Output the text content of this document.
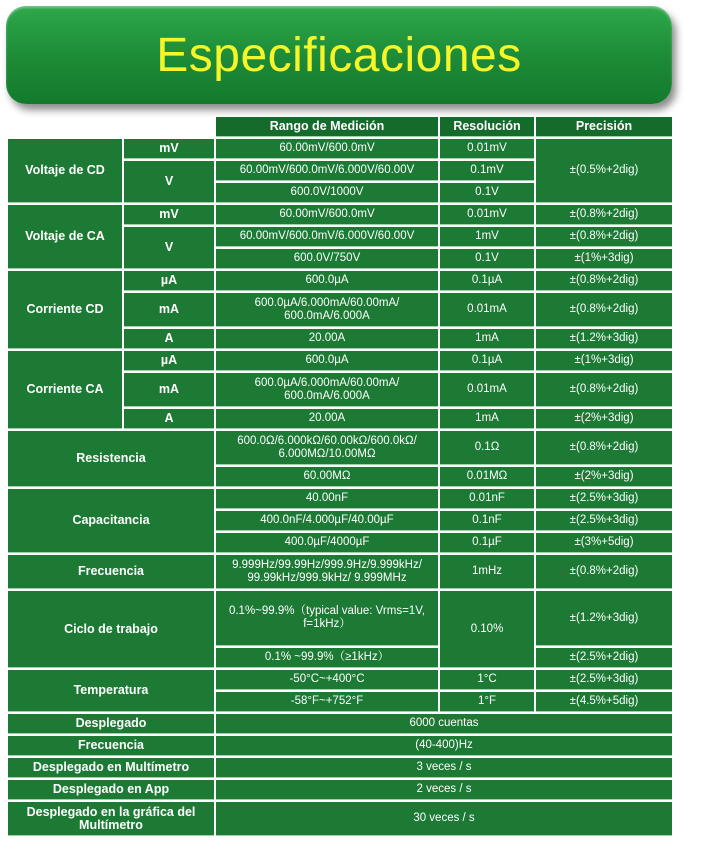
Especificaciones
		Rango de Medición	Resolución	Precisión
Voltaje de CD	mV	60.00mV/600.0mV	0.01mV	±(0.5%+2dig)
	V	60.00mV/600.0mV/6.000V/60.00V	0.1mV	
		600.0V/1000V	0.1V	
Voltaje de CA	mV	60.00mV/600.0mV	0.01mV	±(0.8%+2dig)
	V	60.00mV/600.0mV/6.000V/60.00V	1mV	±(0.8%+2dig)
		600.0V/750V	0.1V	±(1%+3dig)
Corriente CD	µA	600.0µA	0.1µA	±(0.8%+2dig)
	mA	600.0µA/6.000mA/60.00mA/
600.0mA/6.000A	0.01mA	±(0.8%+2dig)
	A	20.00A	1mA	±(1.2%+3dig)
Corriente CA	µA	600.0µA	0.1µA	±(1%+3dig)
	mA	600.0µA/6.000mA/60.00mA/
600.0mA/6.000A	0.01mA	±(0.8%+2dig)
	A	20.00A	1mA	±(2%+3dig)
Resistencia		600.0Ω/6.000kΩ/60.00kΩ/600.0kΩ/
6.000MΩ/10.00MΩ	0.1Ω	±(0.8%+2dig)
		60.00MΩ	0.01MΩ	±(2%+3dig)
Capacitancia		40.00nF	0.01nF	±(2.5%+3dig)
		400.0nF/4.000µF/40.00µF	0.1nF	±(2.5%+3dig)
		400.0µF/4000µF	0.1µF	±(3%+5dig)
Frecuencia		9.999Hz/99.99Hz/999.9Hz/9.999kHz/
99.99kHz/999.9kHz/ 9.999MHz	1mHz	±(0.8%+2dig)
Ciclo de trabajo		0.1%~99.9%（typical value: Vrms=1V,
f=1kHz）	0.10%	±(1.2%+3dig)
		0.1% ~99.9%（≥1kHz）		±(2.5%+2dig)
Temperatura		-50°C~+400°C	1°C	±(2.5%+3dig)
		-58°F~+752°F	1°F	±(4.5%+5dig)
Desplegado		6000 cuentas		
Frecuencia		(40-400)Hz		
Desplegado en Multímetro		3 veces / s		
Desplegado en App		2 veces / s		
Desplegado en la gráfica del
Multímetro		30 veces / s		
